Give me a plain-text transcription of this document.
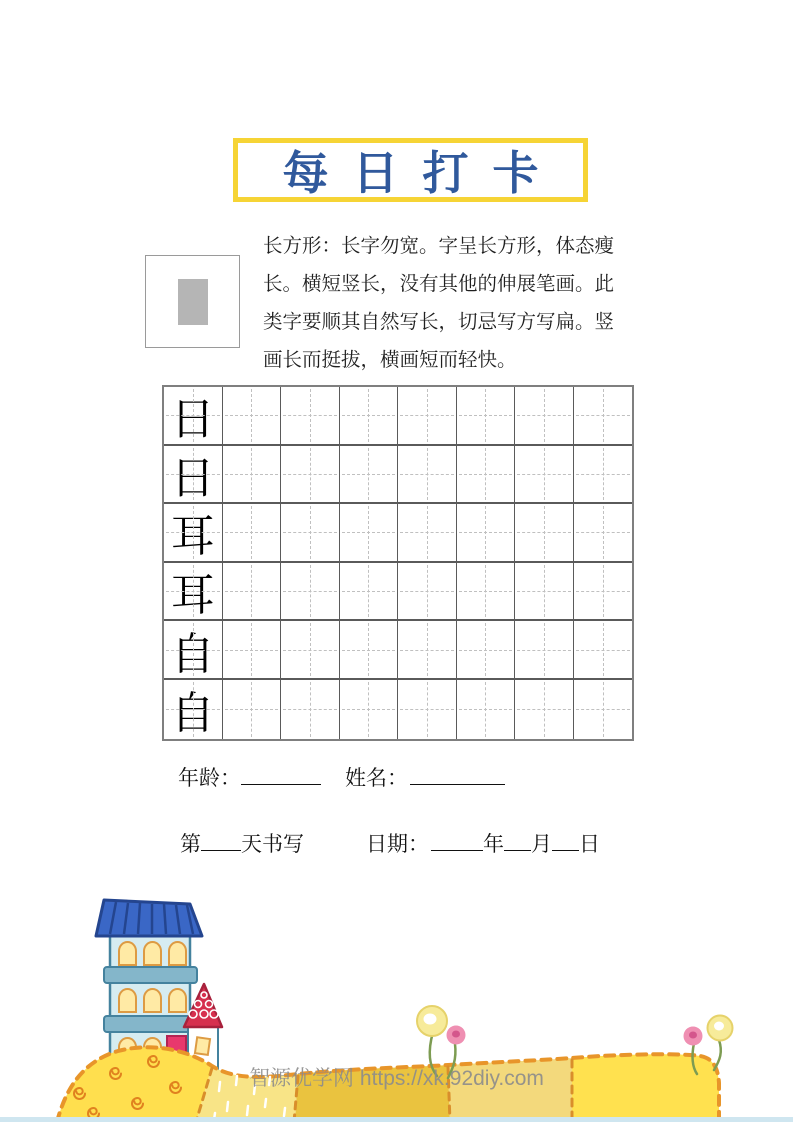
每日打卡
长方形：长字勿宽。字呈长方形，体态瘦
长。横短竖长，没有其他的伸展笔画。此
类字要顺其自然写长，切忌写方写扁。竖
画长而挺拔，横画短而轻快。
日
日
耳
耳
自
自
年龄：	姓名：
第 天书写	日期：	年 月 日
智源优学网 https://xk.92diy.com
